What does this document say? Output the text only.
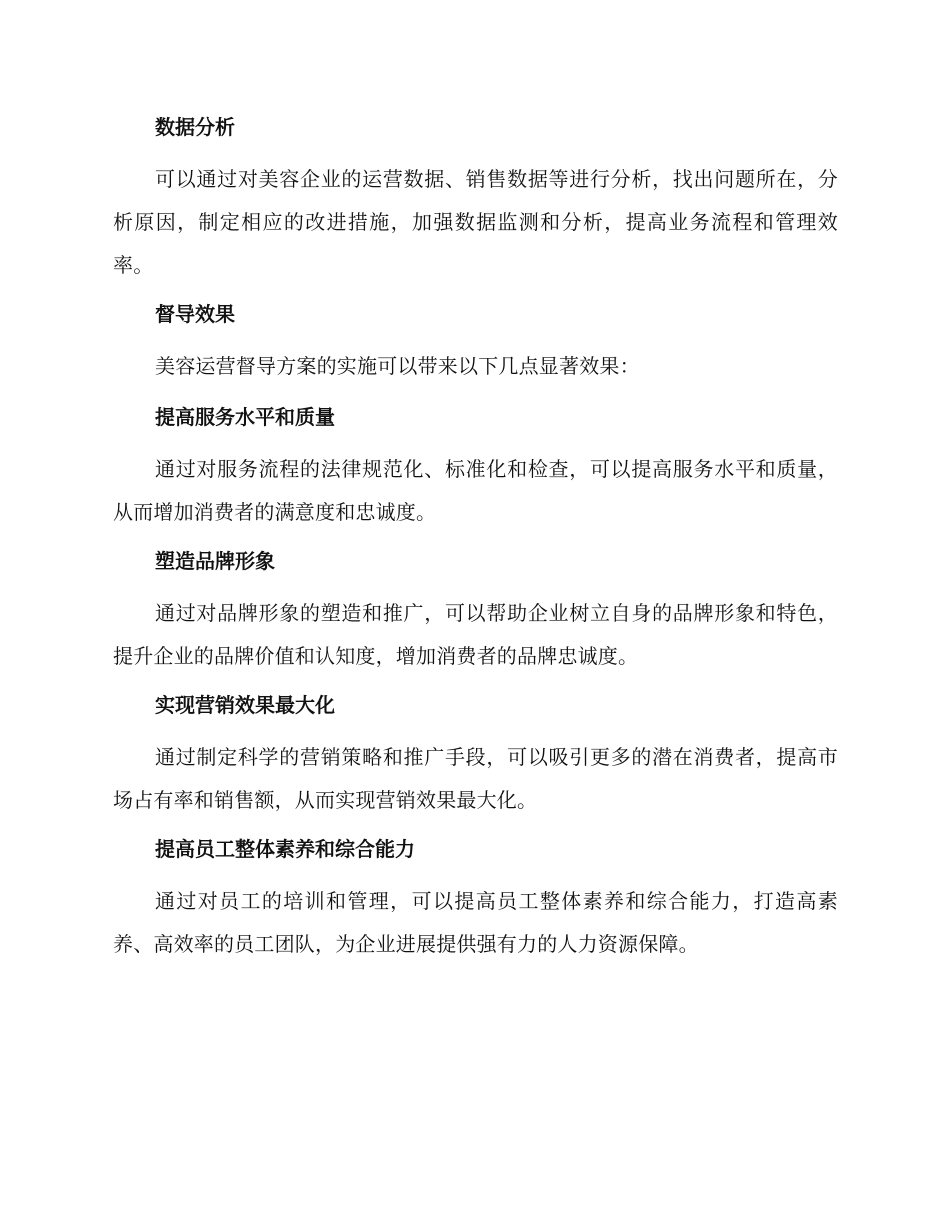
数据分析

可以通过对美容企业的运营数据、销售数据等进行分析，找出问题所在，分析原因，制定相应的改进措施，加强数据监测和分析，提高业务流程和管理效率。

督导效果

美容运营督导方案的实施可以带来以下几点显著效果：

提高服务水平和质量

通过对服务流程的法律规范化、标准化和检查，可以提高服务水平和质量，从而增加消费者的满意度和忠诚度。

塑造品牌形象

通过对品牌形象的塑造和推广，可以帮助企业树立自身的品牌形象和特色，提升企业的品牌价值和认知度，增加消费者的品牌忠诚度。

实现营销效果最大化

通过制定科学的营销策略和推广手段，可以吸引更多的潜在消费者，提高市场占有率和销售额，从而实现营销效果最大化。

提高员工整体素养和综合能力

通过对员工的培训和管理，可以提高员工整体素养和综合能力，打造高素养、高效率的员工团队，为企业进展提供强有力的人力资源保障。
